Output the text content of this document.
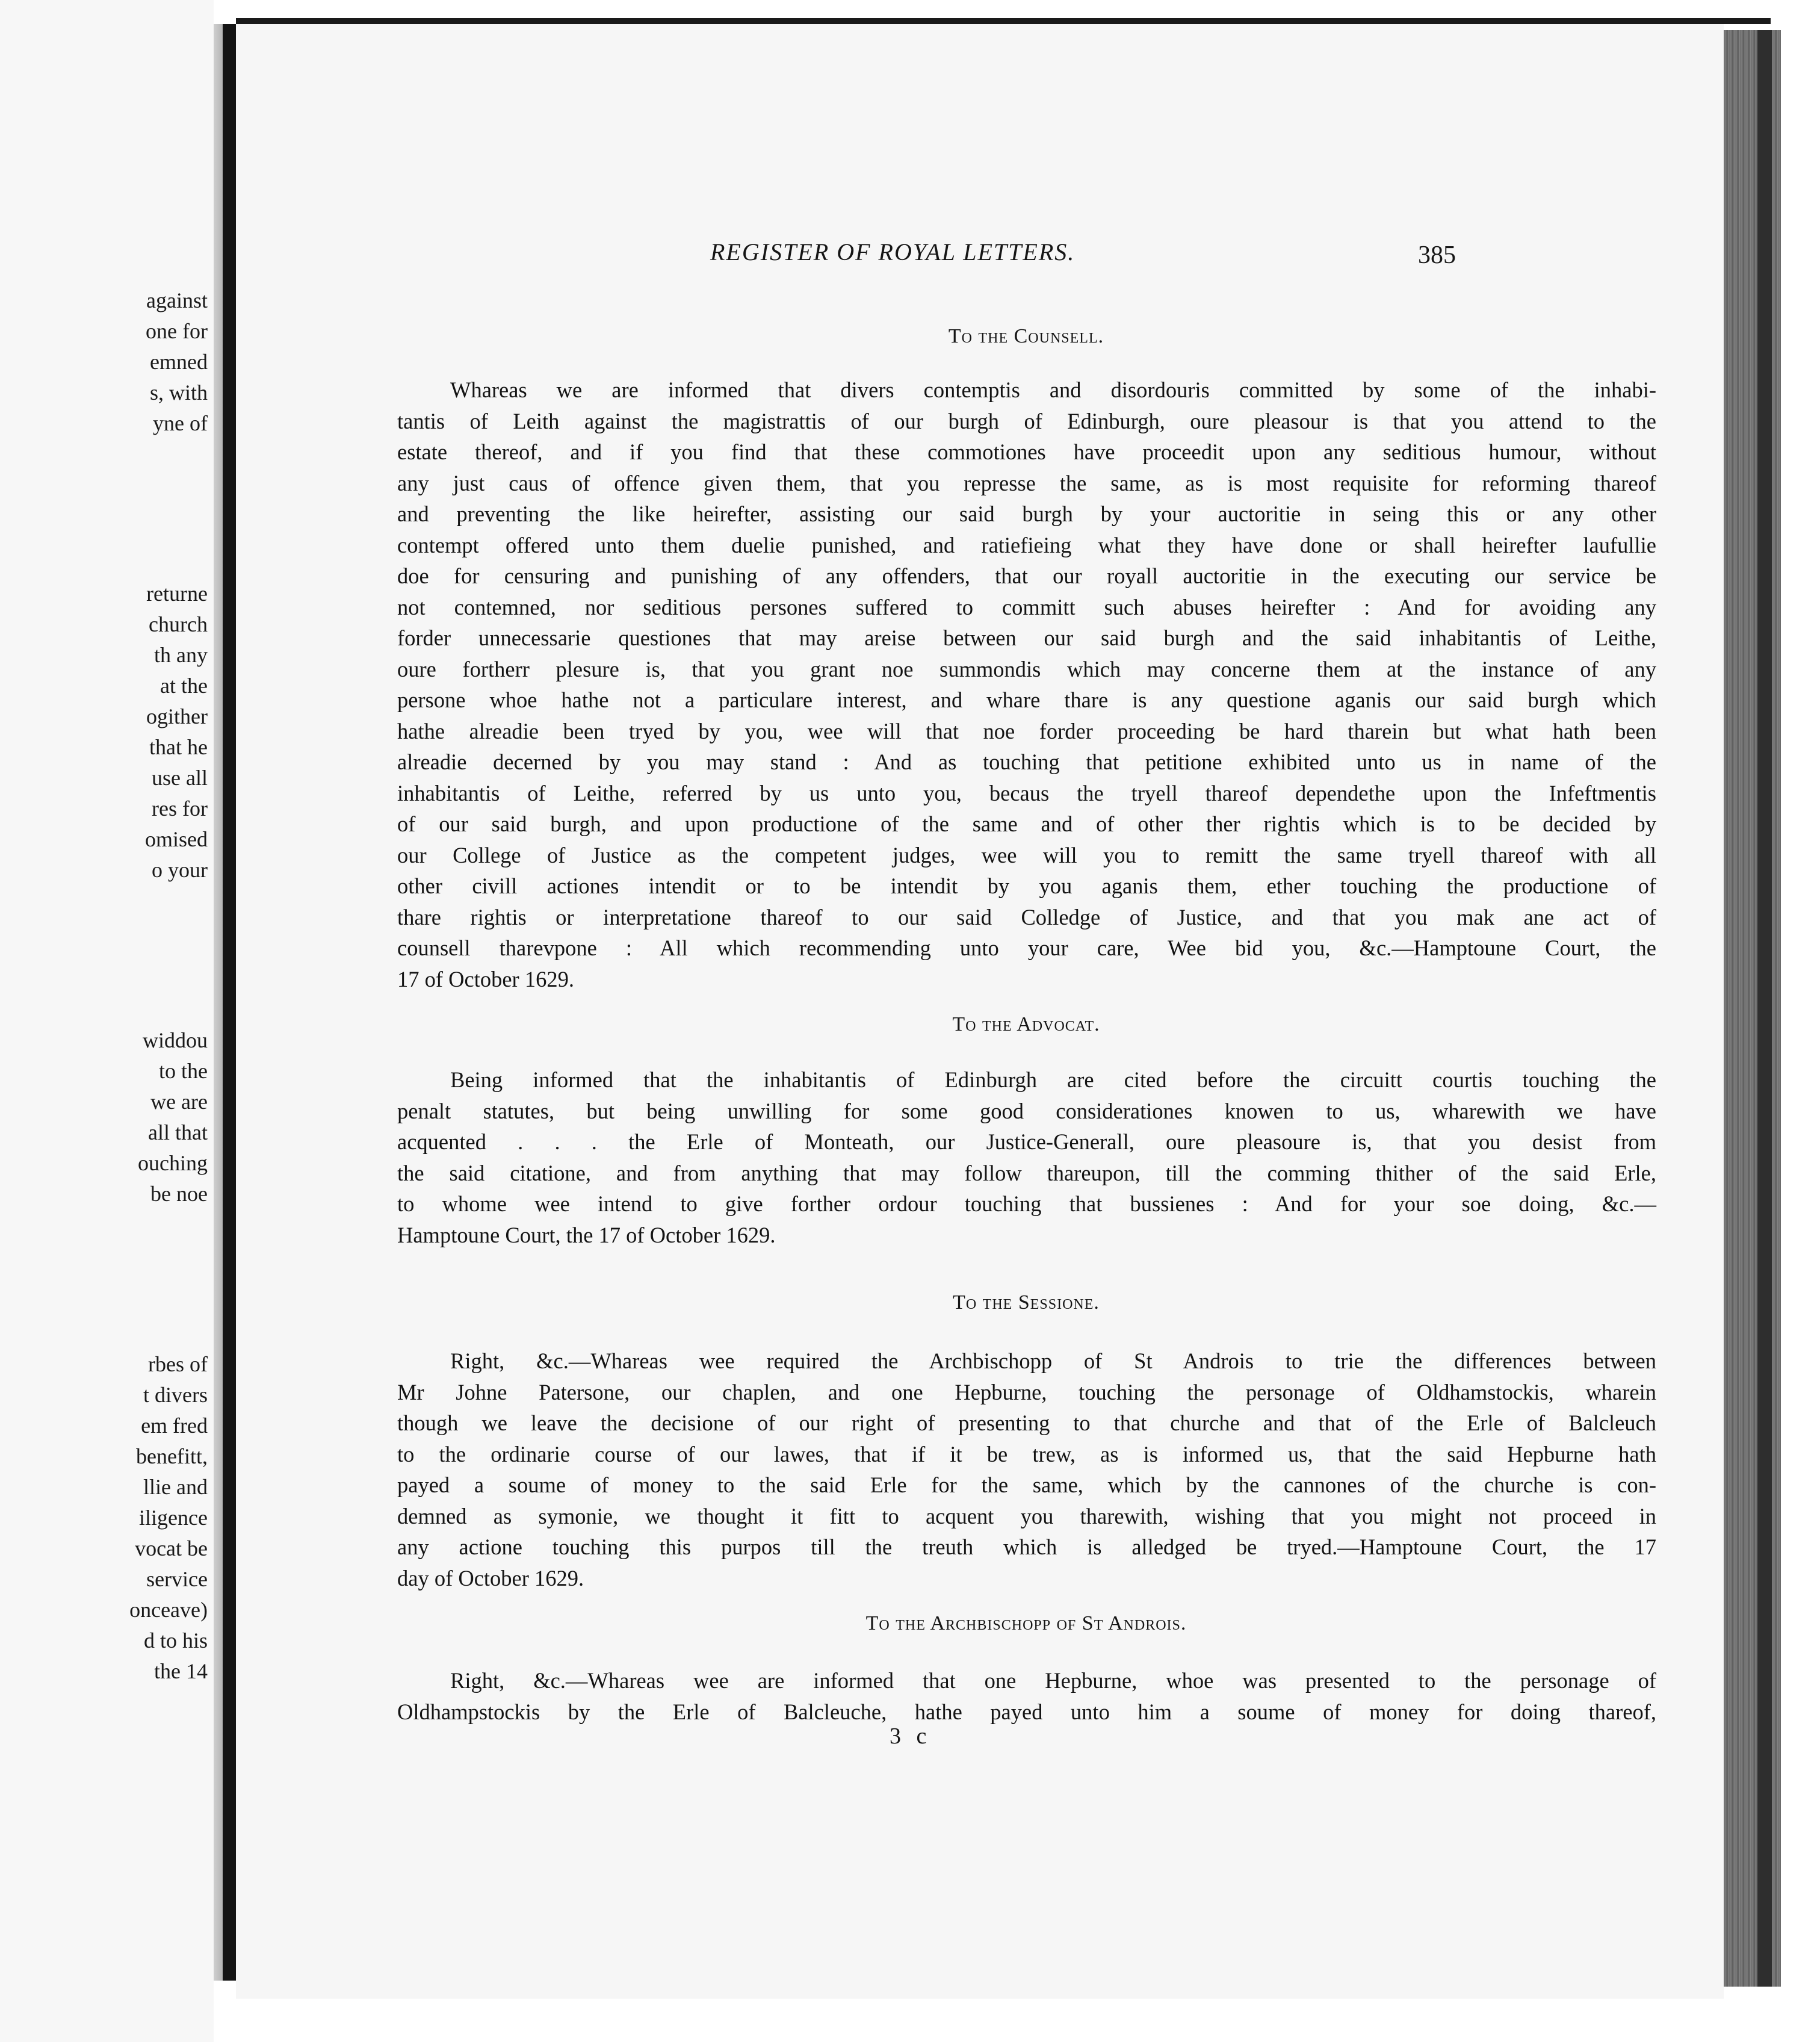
against
one for
emned
s, with
yne of
returne
church
th any
at the
ogither
that he
use all
res for
omised
o your
widdou
to the
we are
all that
ouching
be noe
rbes of
t divers
em fred
benefitt,
llie and
iligence
vocat be
service
onceave)
d to his
the 14
REGISTER OF ROYAL LETTERS.	385
To the Counsell.
Whareas we are informed that divers contemptis and disordouris committed by some of the inhabi-
tantis of Leith against the magistrattis of our burgh of Edinburgh, oure pleasour is that you attend to the
estate thereof, and if you find that these commotiones have proceedit upon any seditious humour, without
any just caus of offence given them, that you represse the same, as is most requisite for reforming thareof
and preventing the like heirefter, assisting our said burgh by your auctoritie in seing this or any other
contempt offered unto them duelie punished, and ratiefieing what they have done or shall heirefter laufullie
doe for censuring and punishing of any offenders, that our royall auctoritie in the executing our service be
not contemned, nor seditious persones suffered to committ such abuses heirefter : And for avoiding any
forder unnecessarie questiones that may areise between our said burgh and the said inhabitantis of Leithe,
oure fortherr plesure is, that you grant noe summondis which may concerne them at the instance of any
persone whoe hathe not a particulare interest, and whare thare is any questione aganis our said burgh which
hathe alreadie been tryed by you, wee will that noe forder proceeding be hard tharein but what hath been
alreadie decerned by you may stand : And as touching that petitione exhibited unto us in name of the
inhabitantis of Leithe, referred by us unto you, becaus the tryell thareof dependethe upon the Infeftmentis
of our said burgh, and upon productione of the same and of other ther rightis which is to be decided by
our College of Justice as the competent judges, wee will you to remitt the same tryell thareof with all
other civill actiones intendit or to be intendit by you aganis them, ether touching the productione of
thare rightis or interpretatione thareof to our said Colledge of Justice, and that you mak ane act of
counsell tharevpone : All which recommending unto your care, Wee bid you, &c.—Hamptoune Court, the
17 of October 1629.
To the Advocat.
Being informed that the inhabitantis of Edinburgh are cited before the circuitt courtis touching the
penalt statutes, but being unwilling for some good considerationes knowen to us, wharewith we have
acquented . . . the Erle of Monteath, our Justice-Generall, oure pleasoure is, that you desist from
the said citatione, and from anything that may follow thareupon, till the comming thither of the said Erle,
to whome wee intend to give forther ordour touching that bussienes : And for your soe doing, &c.—
Hamptoune Court, the 17 of October 1629.
To the Sessione.
Right, &c.—Whareas wee required the Archbischopp of St Androis to trie the differences between
Mr Johne Patersone, our chaplen, and one Hepburne, touching the personage of Oldhamstockis, wharein
though we leave the decisione of our right of presenting to that churche and that of the Erle of Balcleuch
to the ordinarie course of our lawes, that if it be trew, as is informed us, that the said Hepburne hath
payed a soume of money to the said Erle for the same, which by the cannones of the churche is con-
demned as symonie, we thought it fitt to acquent you tharewith, wishing that you might not proceed in
any actione touching this purpos till the treuth which is alledged be tryed.—Hamptoune Court, the 17
day of October 1629.
To the Archbischopp of St Androis.
Right, &c.—Whareas wee are informed that one Hepburne, whoe was presented to the personage of
Oldhampstockis by the Erle of Balcleuche, hathe payed unto him a soume of money for doing thareof,
3 c
